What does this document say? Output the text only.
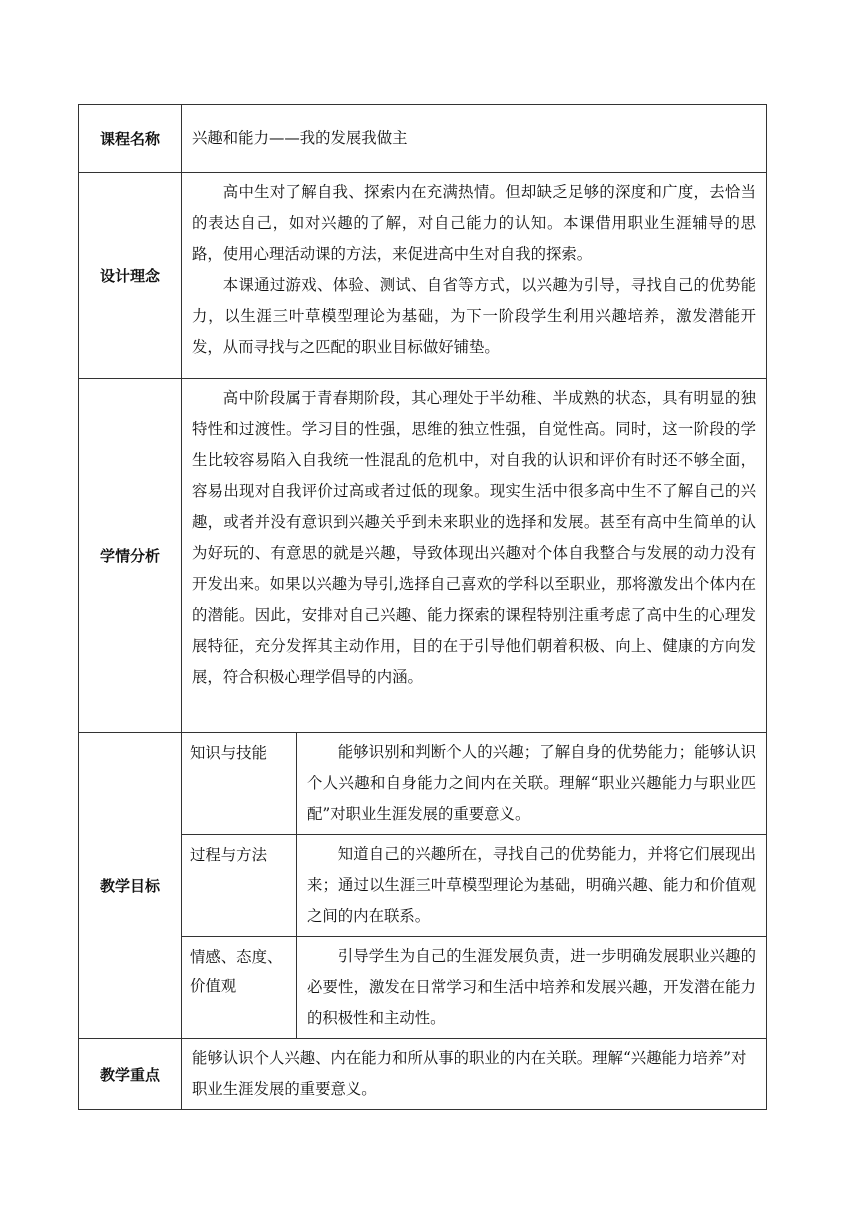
课程名称	兴趣和能力——我的发展我做主	
设计理念	高中生对了解自我、探索内在充满热情。但却缺乏足够的深度和广度，去恰当的表达自己，如对兴趣的了解，对自己能力的认知。本课借用职业生涯辅导的思路，使用心理活动课的方法，来促进高中生对自我的探索。

本课通过游戏、体验、测试、自省等方式，以兴趣为引导，寻找自己的优势能力，以生涯三叶草模型理论为基础，为下一阶段学生利用兴趣培养，激发潜能开发，从而寻找与之匹配的职业目标做好铺垫。	

学情分析	高中阶段属于青春期阶段，其心理处于半幼稚、半成熟的状态，具有明显的独特性和过渡性。学习目的性强，思维的独立性强，自觉性高。同时，这一阶段的学生比较容易陷入自我统一性混乱的危机中，对自我的认识和评价有时还不够全面，容易出现对自我评价过高或者过低的现象。现实生活中很多高中生不了解自己的兴趣，或者并没有意识到兴趣关乎到未来职业的选择和发展。甚至有高中生简单的认为好玩的、有意思的就是兴趣，导致体现出兴趣对个体自我整合与发展的动力没有开发出来。如果以兴趣为导引,选择自己喜欢的学科以至职业，那将激发出个体内在的潜能。因此，安排对自己兴趣、能力探索的课程特别注重考虑了高中生的心理发展特征，充分发挥其主动作用，目的在于引导他们朝着积极、向上、健康的方向发展，符合积极心理学倡导的内涵。	

教学目标	知识与技能	能够识别和判断个人的兴趣；了解自身的优势能力；能够认识个人兴趣和自身能力之间内在关联。理解“职业兴趣能力与职业匹配”对职业生涯发展的重要意义。

	过程与方法	知道自己的兴趣所在，寻找自己的优势能力，并将它们展现出来；通过以生涯三叶草模型理论为基础，明确兴趣、能力和价值观之间的内在联系。

	情感、态度、价值观	引导学生为自己的生涯发展负责，进一步明确发展职业兴趣的必要性，激发在日常学习和生活中培养和发展兴趣，开发潜在能力的积极性和主动性。

教学重点	能够认识个人兴趣、内在能力和所从事的职业的内在关联。理解“兴趣能力培养”对职业生涯发展的重要意义。	
